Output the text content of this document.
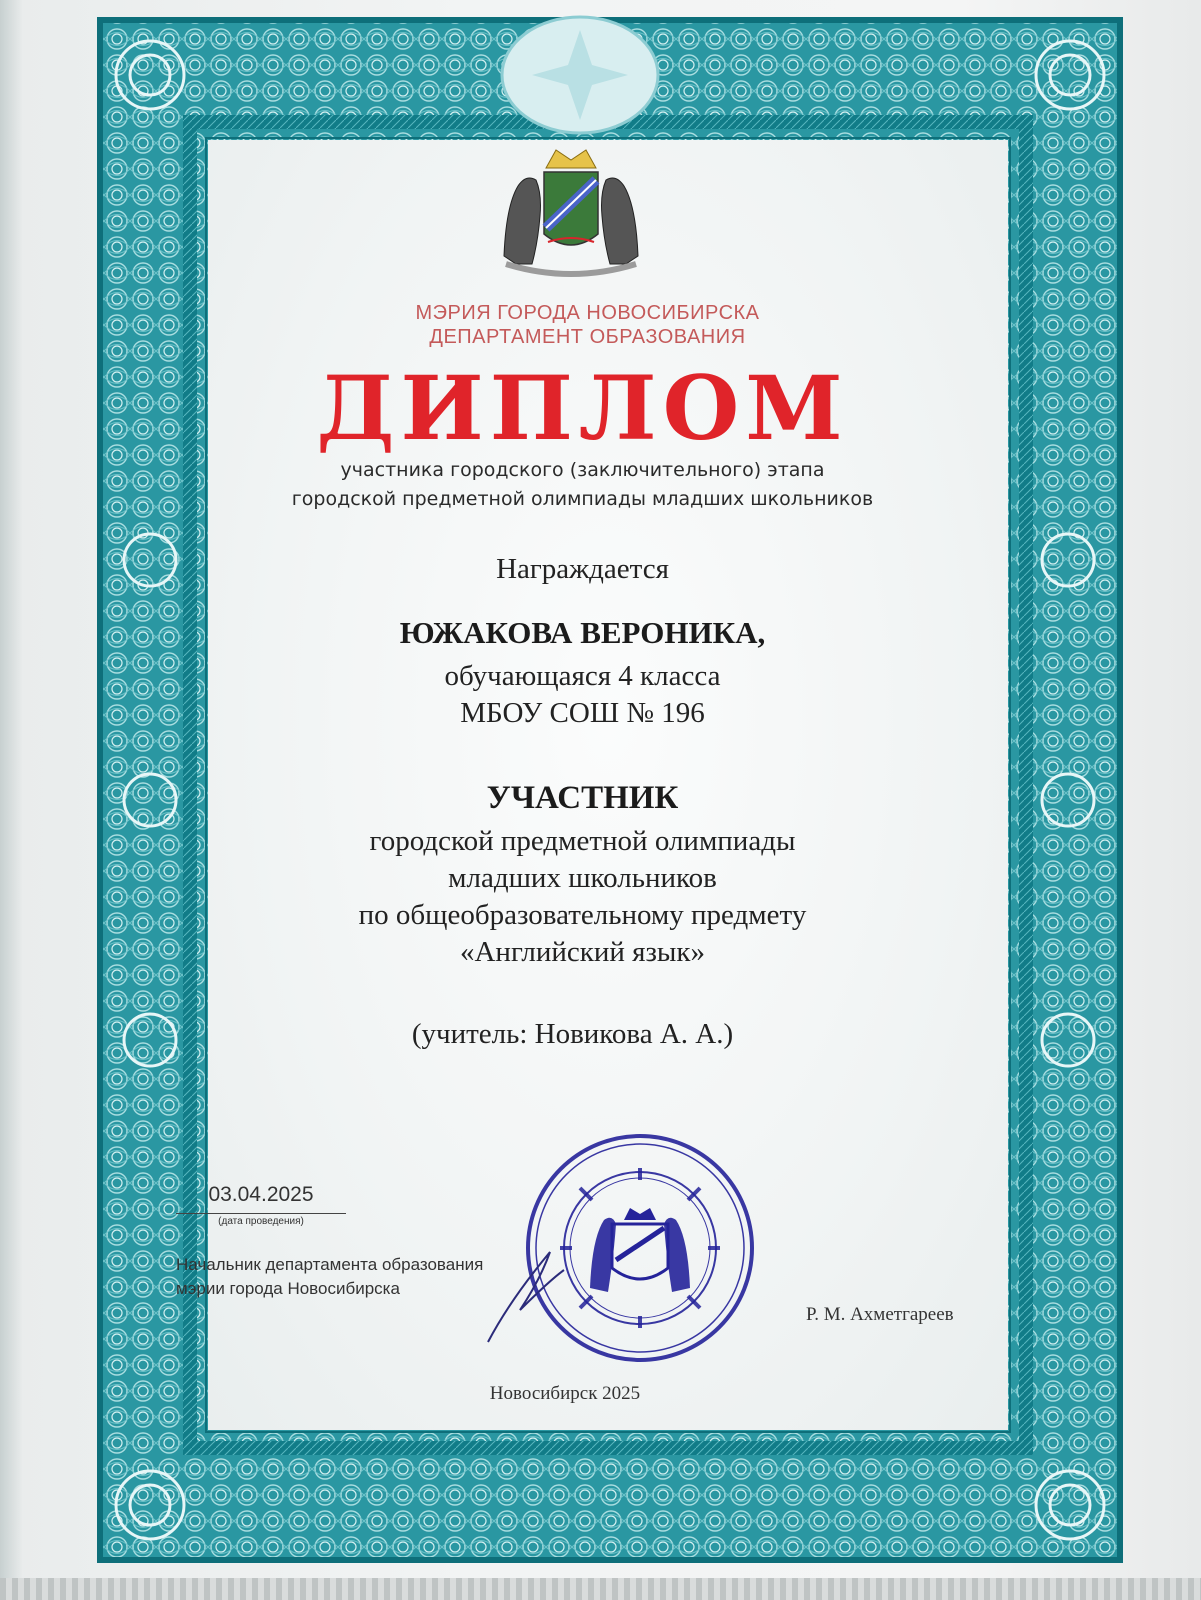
МЭРИЯ ГОРОДА НОВОСИБИРСКА
ДЕПАРТАМЕНТ ОБРАЗОВАНИЯ
ДИПЛОМ
участника городского (заключительного) этапа
городской предметной олимпиады младших школьников
Награждается
ЮЖАКОВА ВЕРОНИКА,
обучающаяся 4 класса
МБОУ СОШ № 196
УЧАСТНИК
городской предметной олимпиады
младших школьников
по общеобразовательному предмету
«Английский язык»
(учитель: Новикова А. А.)
03.04.2025
(дата проведения)
Начальник департамента образования
мэрии города Новосибирска
Р. М. Ахметгареев
Новосибирск 2025
